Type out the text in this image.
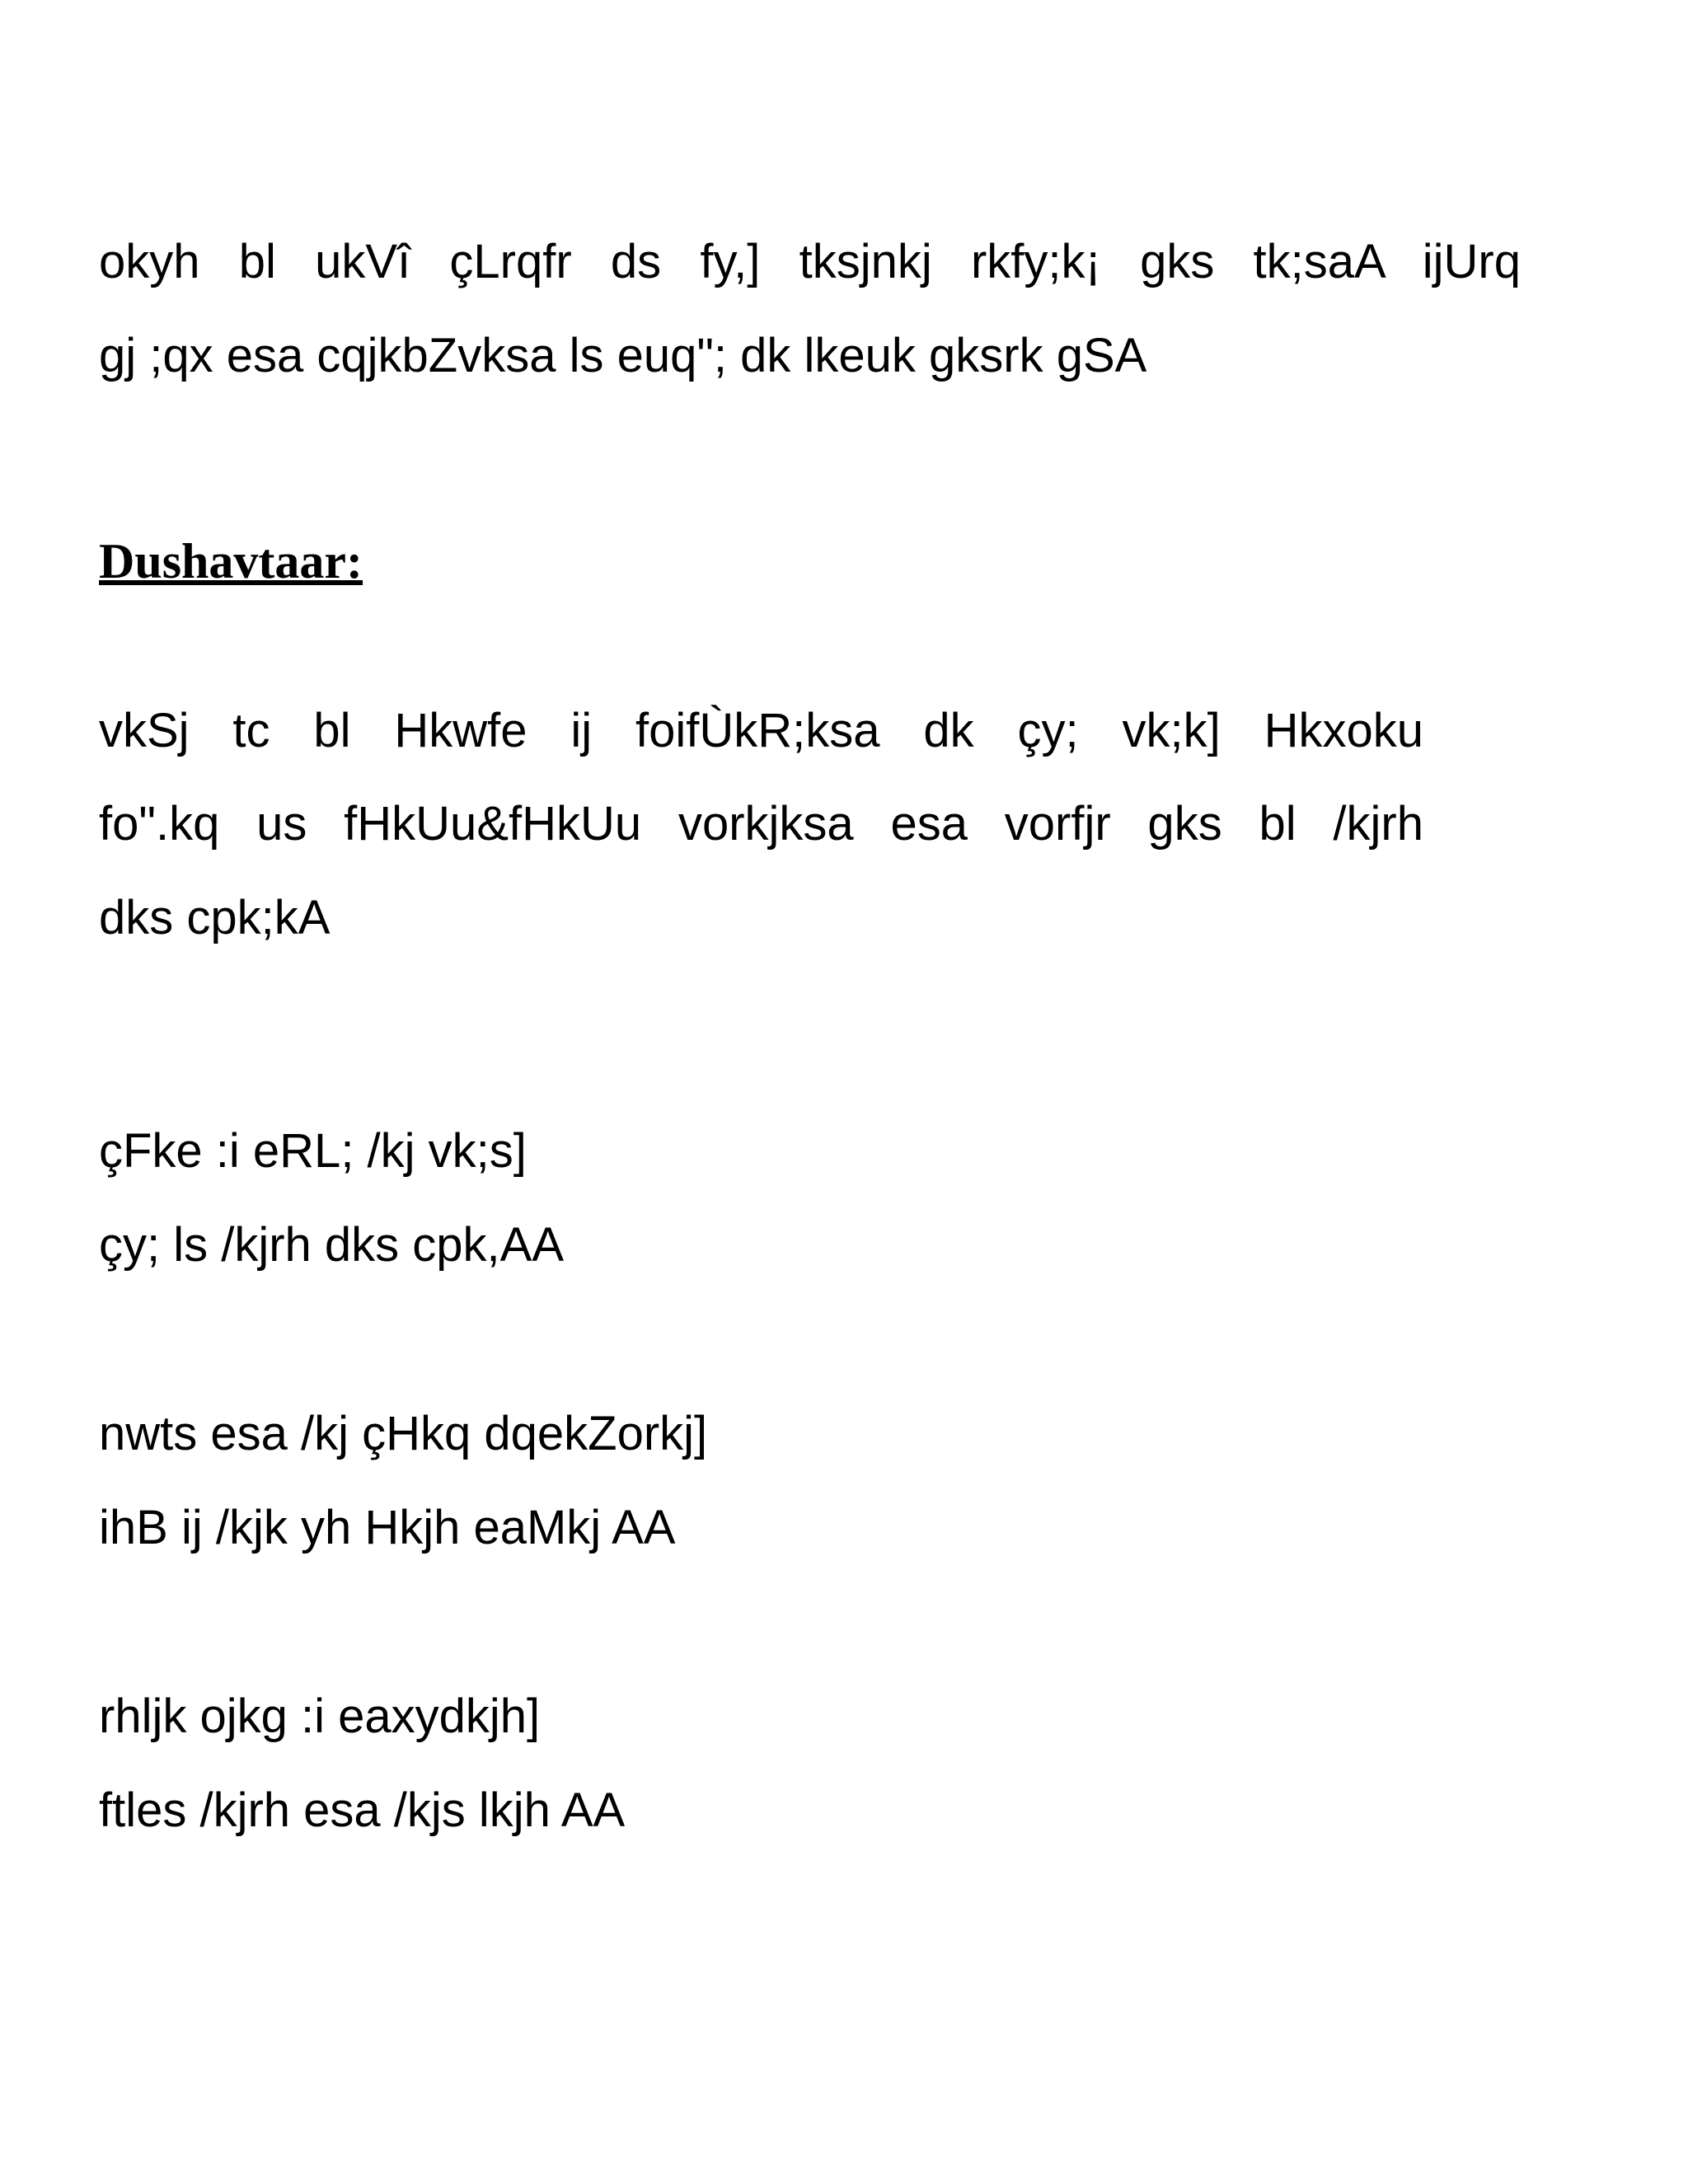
okyh bl ukVî çLrqfr ds fy,] tksjnkj rkfy;k¡ gks tk;saA ijUrq
gj ;qx esa cqjkbZvksa ls euq"; dk lkeuk gksrk gSA
Dushavtaar:
vkSj tc bl Hkwfe ij foifÙkR;ksa dk çy; vk;k] Hkxoku
fo".kq us fHkUu&fHkUu vorkjksa esa vorfjr gks bl /kjrh
dks cpk;kA
çFke :i eRL; /kj vk;s]
çy; ls /kjrh dks cpk,AA
nwts esa /kj çHkq dqekZorkj]
ihB ij /kjk yh Hkjh eaMkj AA
rhljk ojkg :i eaxydkjh]
ftles /kjrh esa /kjs lkjh AA
